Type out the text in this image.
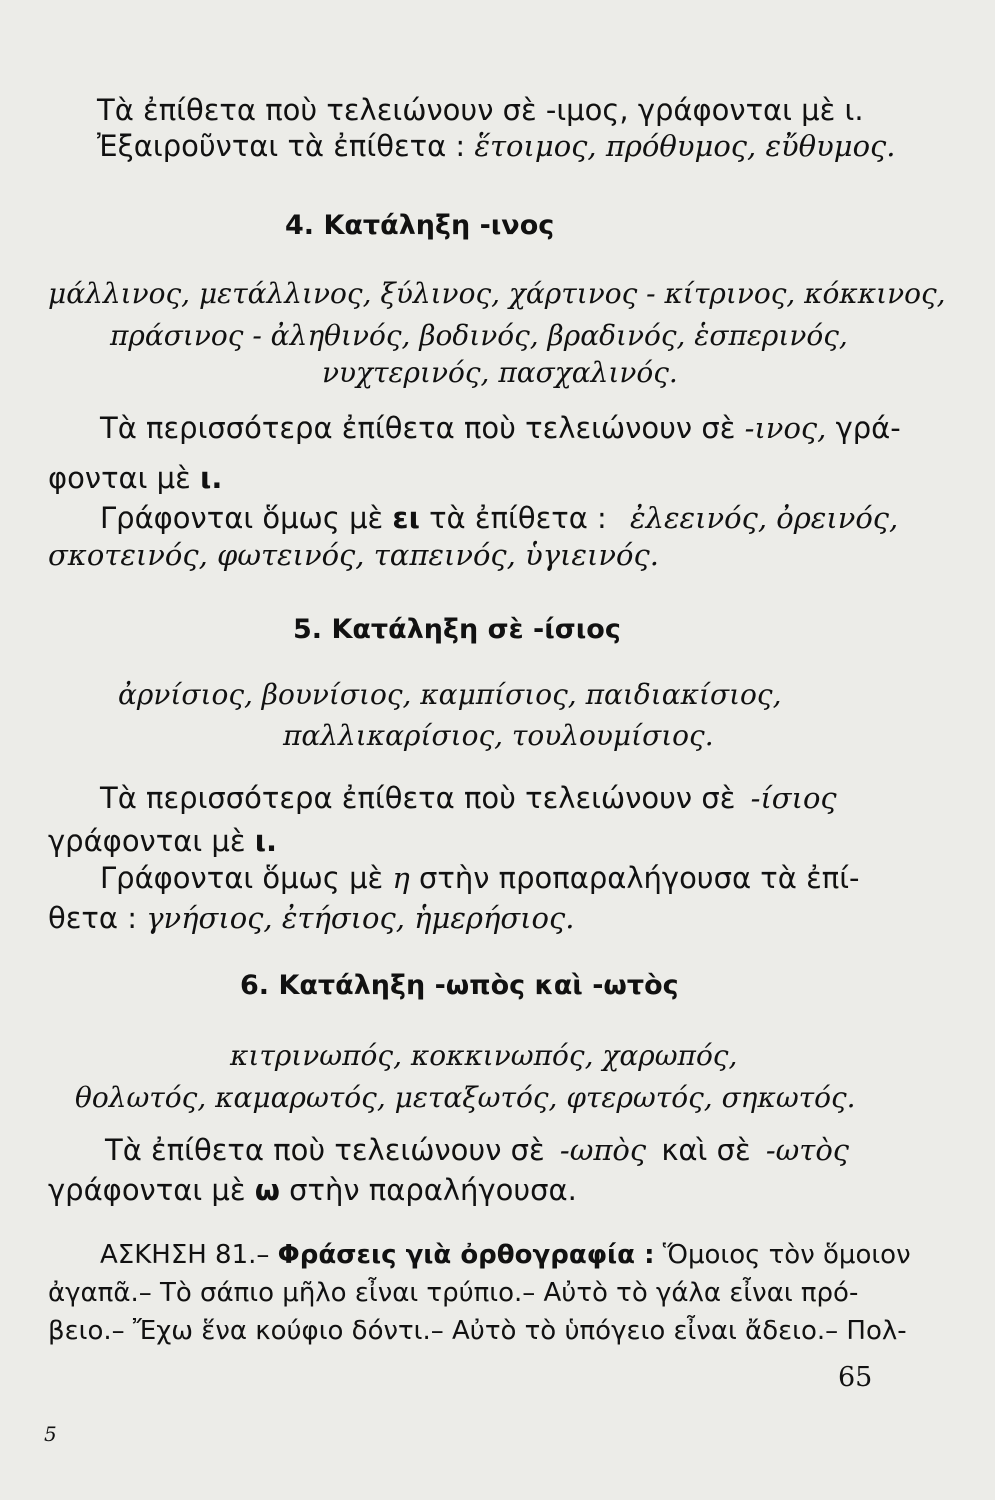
Τὰ ἐπίθετα ποὺ τελειώνουν σὲ -ιμος, γράφονται μὲ ι.
Ἐξαιροῦνται τὰ ἐπίθετα : ἕτοιμος, πρόθυμος, εὔθυμος.
4. Κατάληξη -ινος
μάλλινος, μετάλλινος, ξύλινος, χάρτινος - κίτρινος, κόκκινος,
πράσινος - ἀληθινός, βοδινός, βραδινός, ἑσπερινός,
νυχτερινός, πασχαλινός.
Τὰ περισσότερα ἐπίθετα ποὺ τελειώνουν σὲ -ινος, γρά-
φονται μὲ ι.
Γράφονται ὅμως μὲ ει τὰ ἐπίθετα : ἐλεεινός, ὀρεινός,
σκοτεινός, φωτεινός, ταπεινός, ὑγιεινός.
5. Κατάληξη σὲ -ίσιος
ἀρνίσιος, βουνίσιος, καμπίσιος, παιδιακίσιος,
παλλικαρίσιος, τουλουμίσιος.
Τὰ περισσότερα ἐπίθετα ποὺ τελειώνουν σὲ -ίσιος
γράφονται μὲ ι.
Γράφονται ὅμως μὲ η στὴν προπαραλήγουσα τὰ ἐπί-
θετα : γνήσιος, ἐτήσιος, ἡμερήσιος.
6. Κατάληξη -ωπὸς καὶ -ωτὸς
κιτρινωπός, κοκκινωπός, χαρωπός,
θολωτός, καμαρωτός, μεταξωτός, φτερωτός, σηκωτός.
Τὰ ἐπίθετα ποὺ τελειώνουν σὲ -ωπὸς καὶ σὲ -ωτὸς
γράφονται μὲ ω στὴν παραλήγουσα.
ΑΣΚΗΣΗ 81.– Φράσεις γιὰ ὀρθογραφία : Ὅμοιος τὸν ὅμοιον
ἀγαπᾶ.– Τὸ σάπιο μῆλο εἶναι τρύπιο.– Αὐτὸ τὸ γάλα εἶναι πρό-
βειο.– Ἔχω ἕνα κούφιο δόντι.– Αὐτὸ τὸ ὑπόγειο εἶναι ἄδειο.– Πολ-
65
5
